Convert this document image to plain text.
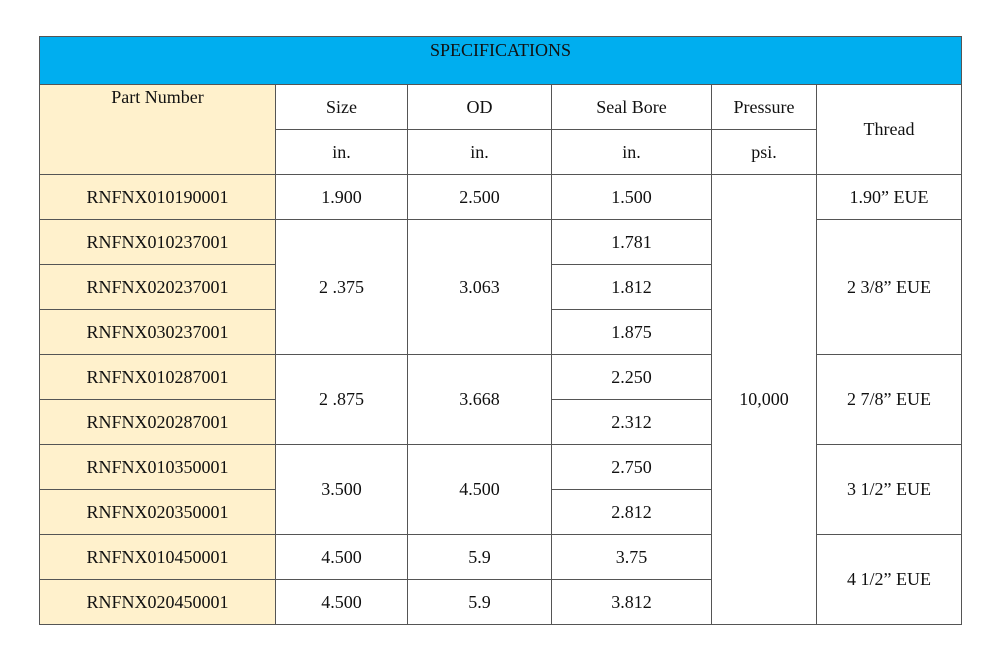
SPECIFICATIONS					
Part Number	Size	OD	Seal Bore	Pressure	Thread
	in.	in.	in.	psi.	
RNFNX010190001	1.900	2.500	1.500	10,000	1.90” EUE
RNFNX010237001	2 .375	3.063	1.781		2 3/8” EUE
RNFNX020237001			1.812		
RNFNX030237001			1.875		
RNFNX010287001	2 .875	3.668	2.250		2 7/8” EUE
RNFNX020287001			2.312		
RNFNX010350001	3.500	4.500	2.750		3 1/2” EUE
RNFNX020350001			2.812		
RNFNX010450001	4.500	5.9	3.75		4 1/2” EUE
RNFNX020450001	4.500	5.9	3.812		
